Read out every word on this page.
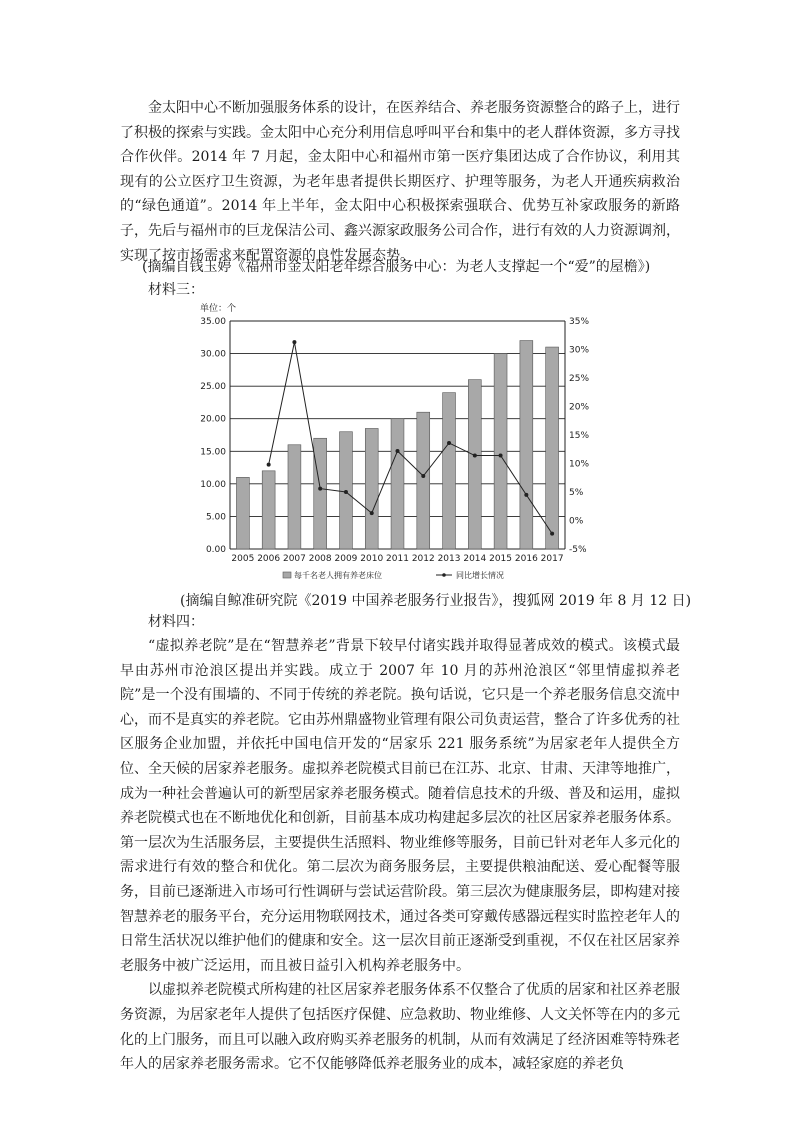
金太阳中心不断加强服务体系的设计，在医养结合、养老服务资源整合的路子上，进行了积极的探索与实践。金太阳中心充分利用信息呼叫平台和集中的老人群体资源，多方寻找合作伙伴。2014 年 7 月起，金太阳中心和福州市第一医疗集团达成了合作协议，利用其现有的公立医疗卫生资源，为老年患者提供长期医疗、护理等服务，为老人开通疾病救治的“绿色通道”。2014 年上半年，金太阳中心积极探索强联合、优势互补家政服务的新路子，先后与福州市的巨龙保洁公司、鑫兴源家政服务公司合作，进行有效的人力资源调剂，实现了按市场需求来配置资源的良性发展态势。

(摘编自钱玉婷《福州市金太阳老年综合服务中心：为老人支撑起一个“爱”的屋檐》)
材料三：
单位：个
0.00
5.00
10.00
15.00
20.00
25.00
30.00
35.00
-5%
0%
5%
10%
15%
20%
25%
30%
35%
2005 2006 2007 2008 2009 2010 2011 2012 2013 2014 2015 2016 2017
每千名老人拥有养老床位	同比增长情况
(摘编自鲸准研究院《2019 中国养老服务行业报告》，搜狐网 2019 年 8 月 12 日)
材料四：

“虚拟养老院”是在“智慧养老”背景下较早付诸实践并取得显著成效的模式。该模式最早由苏州市沧浪区提出并实践。成立于 2007 年 10 月的苏州沧浪区“邻里情虚拟养老院”是一个没有围墙的、不同于传统的养老院。换句话说，它只是一个养老服务信息交流中心，而不是真实的养老院。它由苏州鼎盛物业管理有限公司负责运营，整合了许多优秀的社区服务企业加盟，并依托中国电信开发的“居家乐 221 服务系统”为居家老年人提供全方位、全天候的居家养老服务。虚拟养老院模式目前已在江苏、北京、甘肃、天津等地推广，成为一种社会普遍认可的新型居家养老服务模式。随着信息技术的升级、普及和运用，虚拟养老院模式也在不断地优化和创新，目前基本成功构建起多层次的社区居家养老服务体系。第一层次为生活服务层，主要提供生活照料、物业维修等服务，目前已针对老年人多元化的需求进行有效的整合和优化。第二层次为商务服务层，主要提供粮油配送、爱心配餐等服务，目前已逐渐进入市场可行性调研与尝试运营阶段。第三层次为健康服务层，即构建对接智慧养老的服务平台，充分运用物联网技术，通过各类可穿戴传感器远程实时监控老年人的日常生活状况以维护他们的健康和安全。这一层次目前正逐渐受到重视，不仅在社区居家养老服务中被广泛运用，而且被日益引入机构养老服务中。

以虚拟养老院模式所构建的社区居家养老服务体系不仅整合了优质的居家和社区养老服务资源，为居家老年人提供了包括医疗保健、应急救助、物业维修、人文关怀等在内的多元化的上门服务，而且可以融入政府购买养老服务的机制，从而有效满足了经济困难等特殊老年人的居家养老服务需求。它不仅能够降低养老服务业的成本，减轻家庭的养老负
